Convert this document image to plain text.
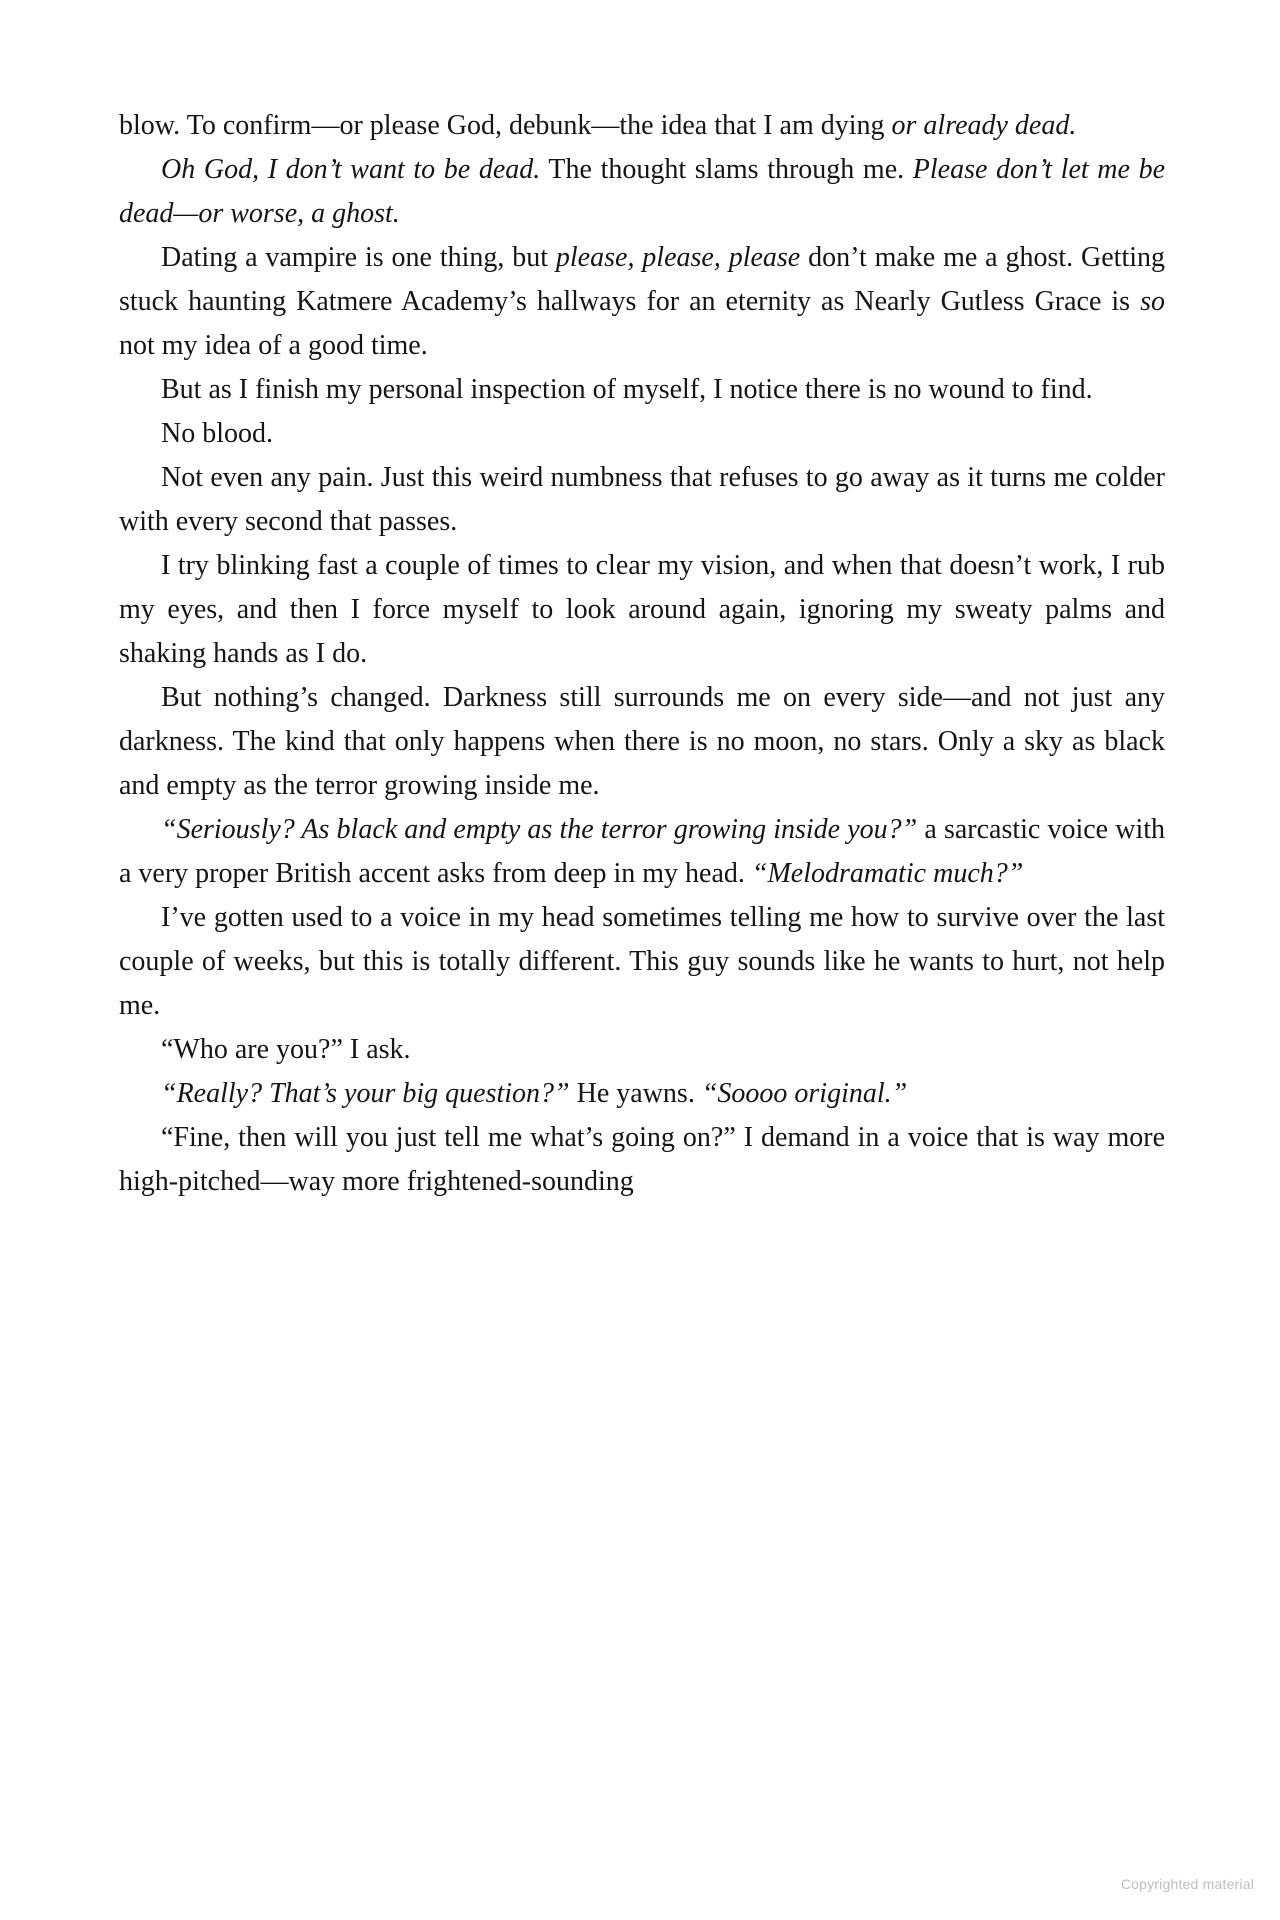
blow. To confirm—or please God, debunk—the idea that I am dying or already dead.

Oh God, I don’t want to be dead. The thought slams through me. Please don’t let me be dead—or worse, a ghost.

Dating a vampire is one thing, but please, please, please don’t make me a ghost. Getting stuck haunting Katmere Academy’s hallways for an eternity as Nearly Gutless Grace is so not my idea of a good time.

But as I finish my personal inspection of myself, I notice there is no wound to find.

No blood.

Not even any pain. Just this weird numbness that refuses to go away as it turns me colder with every second that passes.

I try blinking fast a couple of times to clear my vision, and when that doesn’t work, I rub my eyes, and then I force myself to look around again, ignoring my sweaty palms and shaking hands as I do.

But nothing’s changed. Darkness still surrounds me on every side—and not just any darkness. The kind that only happens when there is no moon, no stars. Only a sky as black and empty as the terror growing inside me.

“Seriously? As black and empty as the terror growing inside you?” a sarcastic voice with a very proper British accent asks from deep in my head. “Melodramatic much?”

I’ve gotten used to a voice in my head sometimes telling me how to survive over the last couple of weeks, but this is totally different. This guy sounds like he wants to hurt, not help me.

“Who are you?” I ask.

“Really? That’s your big question?” He yawns. “Soooo original.”

“Fine, then will you just tell me what’s going on?” I demand in a voice that is way more high-pitched—way more frightened-sounding

Copyrighted material
